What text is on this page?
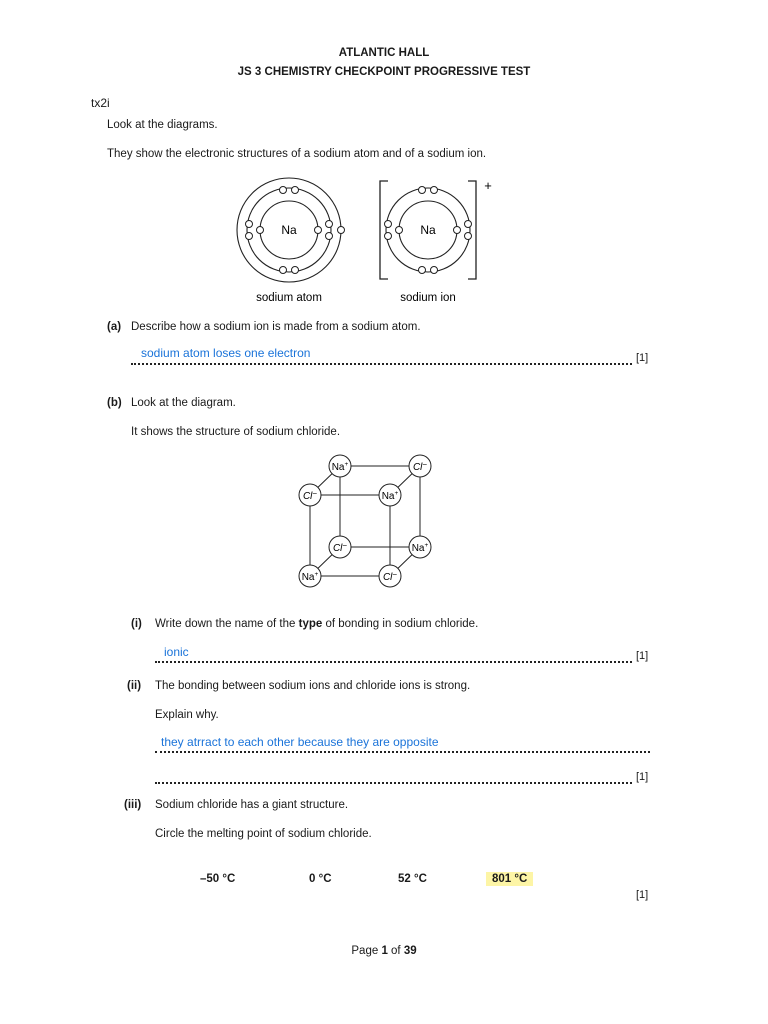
ATLANTIC HALL
JS 3 CHEMISTRY CHECKPOINT PROGRESSIVE TEST
tx2i
Look at the diagrams.
They show the electronic structures of a sodium atom and of a sodium ion.
Na
sodium atom
Na
+
sodium ion
(a) Describe how a sodium ion is made from a sodium atom.
sodium atom loses one electron	[1]
(b) Look at the diagram.
It shows the structure of sodium chloride.
Na+	Cl−
Cl−	Na+
Cl−	Na+
Na+	Cl−
(i) Write down the name of the type of bonding in sodium chloride.
ionic	[1]
(ii) The bonding between sodium ions and chloride ions is strong.
Explain why.
they atrract to each other because they are opposite
[1]
(iii) Sodium chloride has a giant structure.
Circle the melting point of sodium chloride.
–50 °C	0 °C	52 °C	801 °C
[1]
Page 1 of 39
